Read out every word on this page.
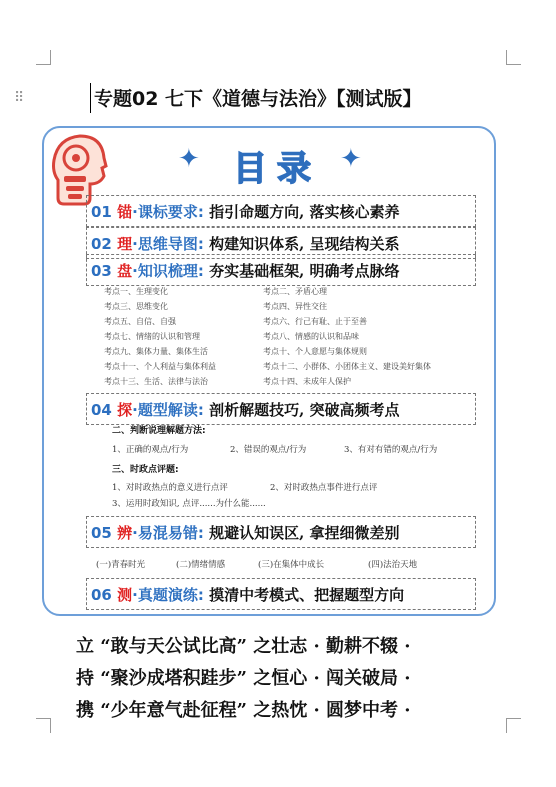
⠿	专题02 七下《道德与法治》【测试版】
✦ 目录 ✦
01 锚·课标要求: 指引命题方向, 落实核心素养
02 理·思维导图: 构建知识体系, 呈现结构关系
03 盘·知识梳理: 夯实基础框架, 明确考点脉络
考点一、生理变化	考点二、矛盾心理
考点三、思维变化	考点四、异性交往
考点五、自信、自强	考点六、行己有耻、止于至善
考点七、情绪的认识和管理	考点八、情感的认识和品味
考点九、集体力量、集体生活	考点十、个人意愿与集体规则
考点十一、个人利益与集体利益	考点十二、小群体、小团体主义、建设美好集体
考点十三、生活、法律与法治	考点十四、未成年人保护
04 探·题型解读: 剖析解题技巧, 突破高频考点
二、判断说理解题方法:
1、正确的观点/行为	2、错误的观点/行为	3、有对有错的观点/行为
三、时政点评题:
1、对时政热点的意义进行点评	2、对时政热点事件进行点评
3、运用时政知识, 点评......为什么能......
05 辨·易混易错: 规避认知误区, 拿捏细微差别
(一)青春时光	(二)情绪情感	(三)在集体中成长	(四)法治天地
06 测·真题演练: 摸清中考模式、把握题型方向
立 “敢与天公试比高” 之壮志 · 勤耕不辍 ·
持 “聚沙成塔积跬步” 之恒心 · 闯关破局 ·
携 “少年意气赴征程” 之热忱 · 圆梦中考 ·
